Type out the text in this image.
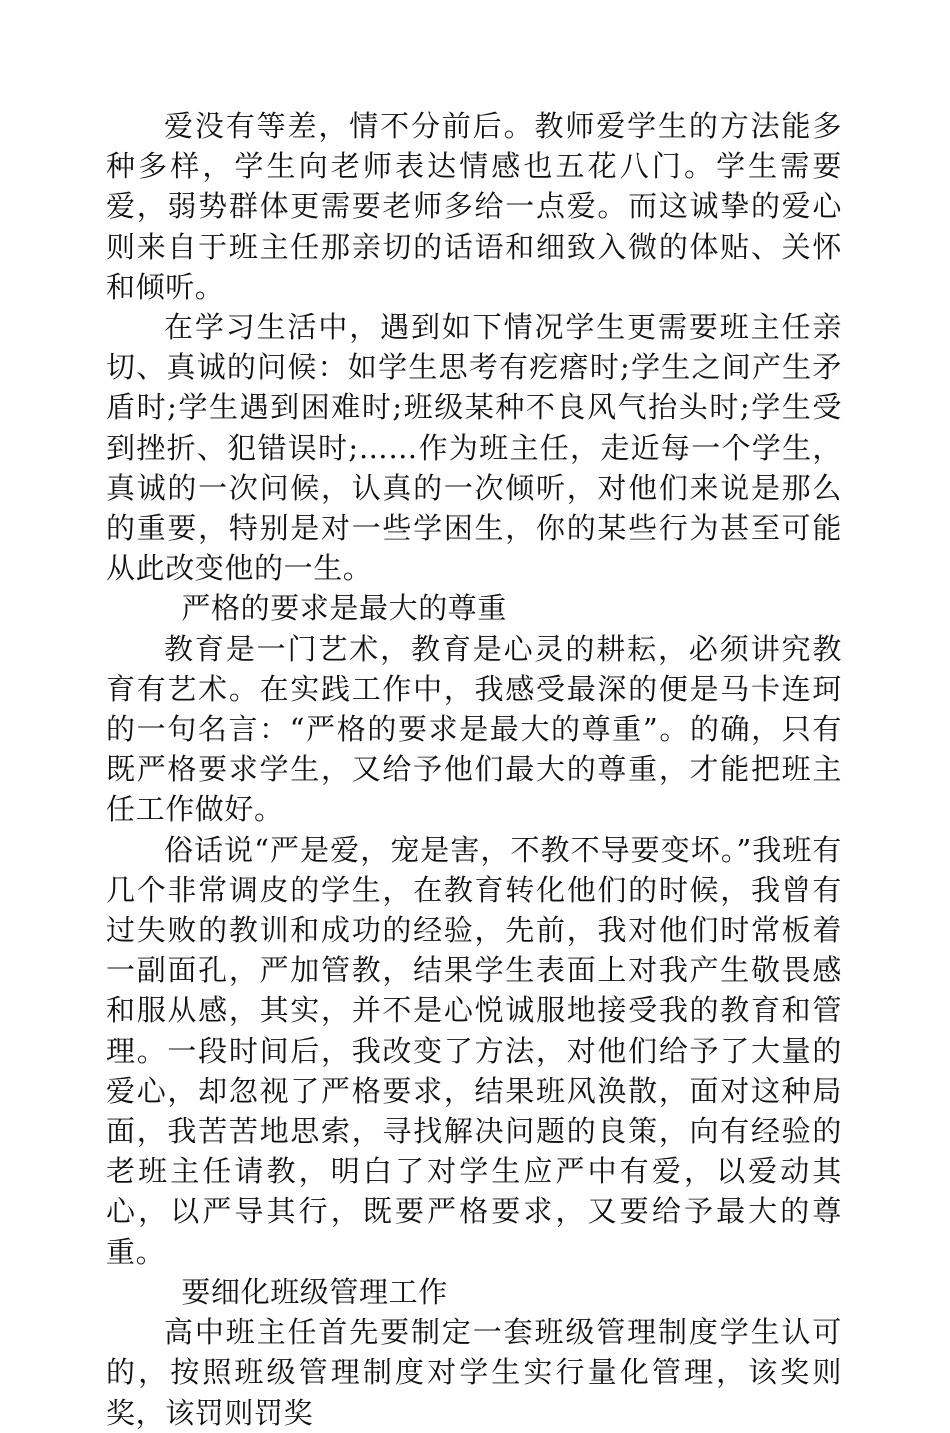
爱没有等差，情不分前后。教师爱学生的方法能多种多样，学生向老师表达情感也五花八门。学生需要爱，弱势群体更需要老师多给一点爱。而这诚挚的爱心则来自于班主任那亲切的话语和细致入微的体贴、关怀和倾听。

在学习生活中，遇到如下情况学生更需要班主任亲切、真诚的问候：如学生思考有疙瘩时;学生之间产生矛盾时;学生遇到困难时;班级某种不良风气抬头时;学生受到挫折、犯错误时;……作为班主任，走近每一个学生，真诚的一次问候，认真的一次倾听，对他们来说是那么的重要，特别是对一些学困生，你的某些行为甚至可能从此改变他的一生。

严格的要求是最大的尊重

教育是一门艺术，教育是心灵的耕耘，必须讲究教育有艺术。在实践工作中，我感受最深的便是马卡连珂的一句名言：“严格的要求是最大的尊重”。的确，只有既严格要求学生，又给予他们最大的尊重，才能把班主任工作做好。

俗话说“严是爱，宠是害，不教不导要变坏。”我班有几个非常调皮的学生，在教育转化他们的时候，我曾有过失败的教训和成功的经验，先前，我对他们时常板着一副面孔，严加管教，结果学生表面上对我产生敬畏感和服从感，其实，并不是心悦诚服地接受我的教育和管理。一段时间后，我改变了方法，对他们给予了大量的爱心，却忽视了严格要求，结果班风涣散，面对这种局面，我苦苦地思索，寻找解决问题的良策，向有经验的老班主任请教，明白了对学生应严中有爱，以爱动其心，以严导其行，既要严格要求，又要给予最大的尊重。

要细化班级管理工作

高中班主任首先要制定一套班级管理制度学生认可的，按照班级管理制度对学生实行量化管理，该奖则奖，该罚则罚奖
